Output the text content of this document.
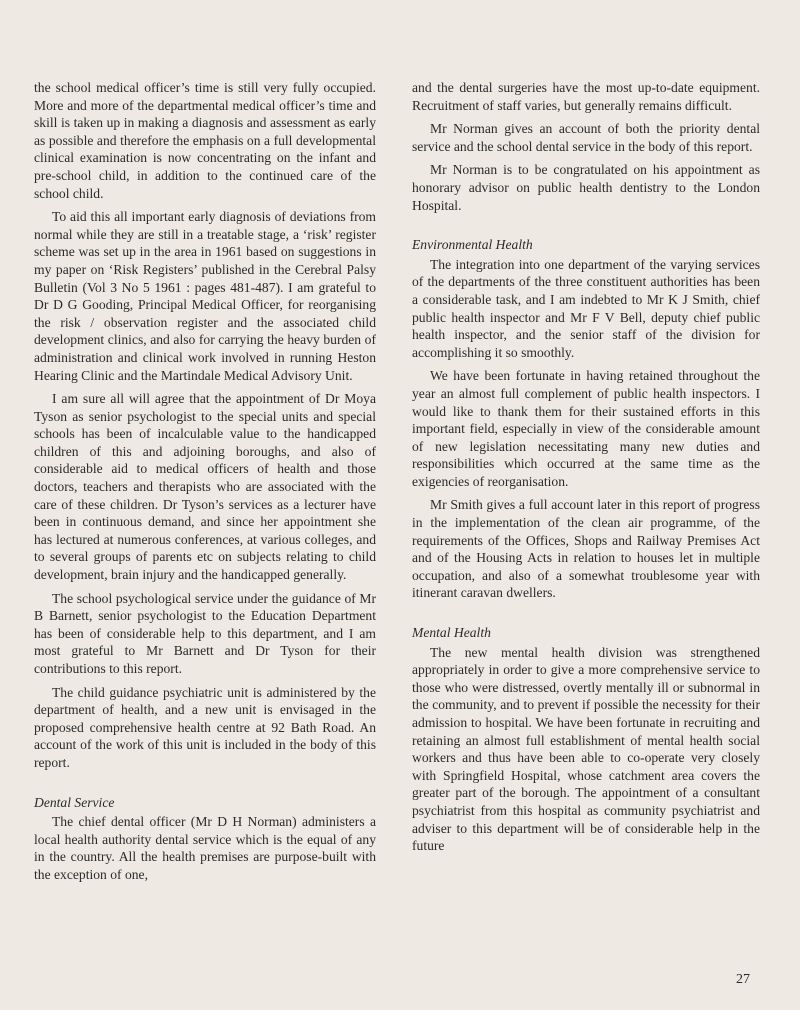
the school medical officer’s time is still very fully occupied. More and more of the departmental medical officer’s time and skill is taken up in making a diagnosis and assessment as early as possible and therefore the emphasis on a full developmental clinical examination is now concentrating on the infant and pre-school child, in addition to the continued care of the school child.

To aid this all important early diagnosis of deviations from normal while they are still in a treatable stage, a ‘risk’ register scheme was set up in the area in 1961 based on suggestions in my paper on ‘Risk Registers’ published in the Cerebral Palsy Bulletin (Vol 3 No 5 1961 : pages 481-487). I am grateful to Dr D G Gooding, Principal Medical Officer, for reorganising the risk / observation register and the associated child development clinics, and also for carrying the heavy burden of administration and clinical work involved in running Heston Hearing Clinic and the Martindale Medical Advisory Unit.

I am sure all will agree that the appointment of Dr Moya Tyson as senior psychologist to the special units and special schools has been of incalculable value to the handicapped children of this and adjoining boroughs, and also of considerable aid to medical officers of health and those doctors, teachers and therapists who are associated with the care of these children. Dr Tyson’s services as a lecturer have been in continuous demand, and since her appointment she has lectured at numerous conferences, at various colleges, and to several groups of parents etc on subjects relating to child development, brain injury and the handicapped generally.

The school psychological service under the guidance of Mr B Barnett, senior psychologist to the Education Department has been of considerable help to this department, and I am most grateful to Mr Barnett and Dr Tyson for their contributions to this report.

The child guidance psychiatric unit is administered by the department of health, and a new unit is envisaged in the proposed comprehensive health centre at 92 Bath Road. An account of the work of this unit is included in the body of this report.

Dental Service

The chief dental officer (Mr D H Norman) administers a local health authority dental service which is the equal of any in the country. All the health premises are purpose-built with the exception of one,

and the dental surgeries have the most up-to-date equipment. Recruitment of staff varies, but generally remains difficult.

Mr Norman gives an account of both the priority dental service and the school dental service in the body of this report.

Mr Norman is to be congratulated on his appointment as honorary advisor on public health dentistry to the London Hospital.

Environmental Health

The integration into one department of the varying services of the departments of the three constituent authorities has been a considerable task, and I am indebted to Mr K J Smith, chief public health inspector and Mr F V Bell, deputy chief public health inspector, and the senior staff of the division for accomplishing it so smoothly.

We have been fortunate in having retained throughout the year an almost full complement of public health inspectors. I would like to thank them for their sustained efforts in this important field, especially in view of the considerable amount of new legislation necessitating many new duties and responsibilities which occurred at the same time as the exigencies of reorganisation.

Mr Smith gives a full account later in this report of progress in the implementation of the clean air programme, of the requirements of the Offices, Shops and Railway Premises Act and of the Housing Acts in relation to houses let in multiple occupation, and also of a somewhat troublesome year with itinerant caravan dwellers.

Mental Health

The new mental health division was strengthened appropriately in order to give a more comprehensive service to those who were distressed, overtly mentally ill or subnormal in the community, and to prevent if possible the necessity for their admission to hospital. We have been fortunate in recruiting and retaining an almost full establishment of mental health social workers and thus have been able to co-operate very closely with Springfield Hospital, whose catchment area covers the greater part of the borough. The appointment of a consultant psychiatrist from this hospital as community psychiatrist and adviser to this department will be of considerable help in the future

27
